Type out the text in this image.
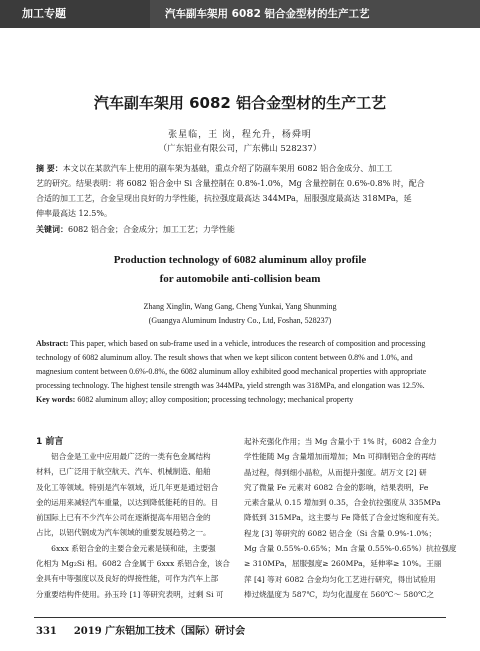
加工专题	汽车副车架用 6082 铝合金型材的生产工艺
汽车副车架用 6082 铝合金型材的生产工艺
张星临，王 岗，程允升，杨舜明
（广东铝业有限公司，广东佛山 528237）
摘 要：本文以在某款汽车上使用的副车架为基础，重点介绍了防副车架用 6082 铝合金成分、加工工
艺的研究。结果表明：将 6082 铝合金中 Si 含量控制在 0.8%-1.0%，Mg 含量控制在 0.6%-0.8% 时，配合
合适的加工工艺，合金呈现出良好的力学性能，抗拉强度最高达 344MPa，屈服强度最高达 318MPa，延
伸率最高达 12.5%。
关键词：6082 铝合金；合金成分；加工工艺；力学性能
Production technology of 6082 aluminum alloy profile
for automobile anti-collision beam
Zhang Xinglin, Wang Gang, Cheng Yunkai, Yang Shunming
(Guangya Aluminum Industry Co., Ltd, Foshan, 528237)
Abstract: This paper, which based on sub-frame used in a vehicle, introduces the research of composition and processing
technology of 6082 aluminum alloy. The result shows that when we kept silicon content between 0.8% and 1.0%, and
magnesium content between 0.6%-0.8%, the 6082 aluminum alloy exhibited good mechanical properties with appropriate
processing technology. The highest tensile strength was 344MPa, yield strength was 318MPa, and elongation was 12.5%.
Key words: 6082 aluminum alloy; alloy composition; processing technology; mechanical property
1 前言
　　铝合金是工业中应用最广泛的一类有色金属结构
材料，已广泛用于航空航天、汽车、机械制造、船舶
及化工等领域。特别是汽车领域，近几年更是通过铝合
金的运用来减轻汽车重量，以达到降低能耗的目的。目
前国际上已有不少汽车公司在逐渐提高车用铝合金的
占比，以铝代钢成为汽车领域的重要发展趋势之一。
　　6xxx 系铝合金的主要合金元素是镁和硅，主要强
化相为 Mg₂Si 相。6082 合金属于 6xxx 系铝合金，该合
金具有中等强度以及良好的焊接性能，可作为汽车上部
分重要结构件使用。孙玉玲 [1] 等研究表明，过剩 Si 可
起补充强化作用；当 Mg 含量小于 1% 时，6082 合金力
学性能随 Mg 含量增加而增加；Mn 可抑制铝合金的再结
晶过程，得到细小晶粒，从而提升强度。胡万文 [2] 研
究了微量 Fe 元素对 6082 合金的影响，结果表明，Fe
元素含量从 0.15 增加到 0.35，合金抗拉强度从 335MPa
降低到 315MPa，这主要与 Fe 降低了合金过饱和度有关。
程龙 [3] 等研究的 6082 铝合金（Si 含量 0.9%-1.0%；
Mg 含量 0.55%-0.65%；Mn 含量 0.55%-0.65%）抗拉强度
≥ 310MPa，屈服强度≥ 260MPa，延伸率≥ 10%。王丽
萍 [4] 等对 6082 合金均匀化工艺进行研究，得出试验用
棒过烧温度为 587℃，均匀化温度在 560℃～ 580℃之
331 2019 广东铝加工技术（国际）研讨会
